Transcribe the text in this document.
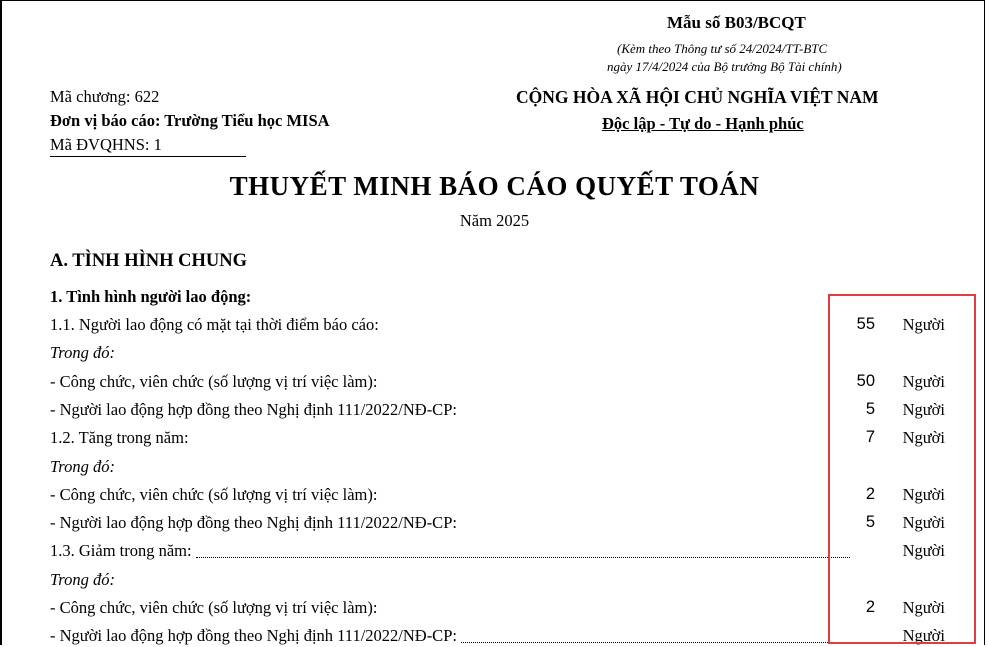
Mẫu số B03/BCQT
(Kèm theo Thông tư số 24/2024/TT-BTC
ngày 17/4/2024 của Bộ trưởng Bộ Tài chính)
Mã chương: 622
Đơn vị báo cáo: Trường Tiểu học MISA
Mã ĐVQHNS: 1
CỘNG HÒA XÃ HỘI CHỦ NGHĨA VIỆT NAM
Độc lập - Tự do - Hạnh phúc
THUYẾT MINH BÁO CÁO QUYẾT TOÁN
Năm 2025
A. TÌNH HÌNH CHUNG
1. Tình hình người lao động:
1.1. Người lao động có mặt tại thời điểm báo cáo:	55 Người
Trong đó:
- Công chức, viên chức (số lượng vị trí việc làm):	50 Người
- Người lao động hợp đồng theo Nghị định 111/2022/NĐ-CP:	5 Người
1.2. Tăng trong năm:	7 Người
Trong đó:
- Công chức, viên chức (số lượng vị trí việc làm):	2 Người
- Người lao động hợp đồng theo Nghị định 111/2022/NĐ-CP:	5 Người
1.3. Giảm trong năm:	Người
Trong đó:
- Công chức, viên chức (số lượng vị trí việc làm):	2 Người
- Người lao động hợp đồng theo Nghị định 111/2022/NĐ-CP:	Người
